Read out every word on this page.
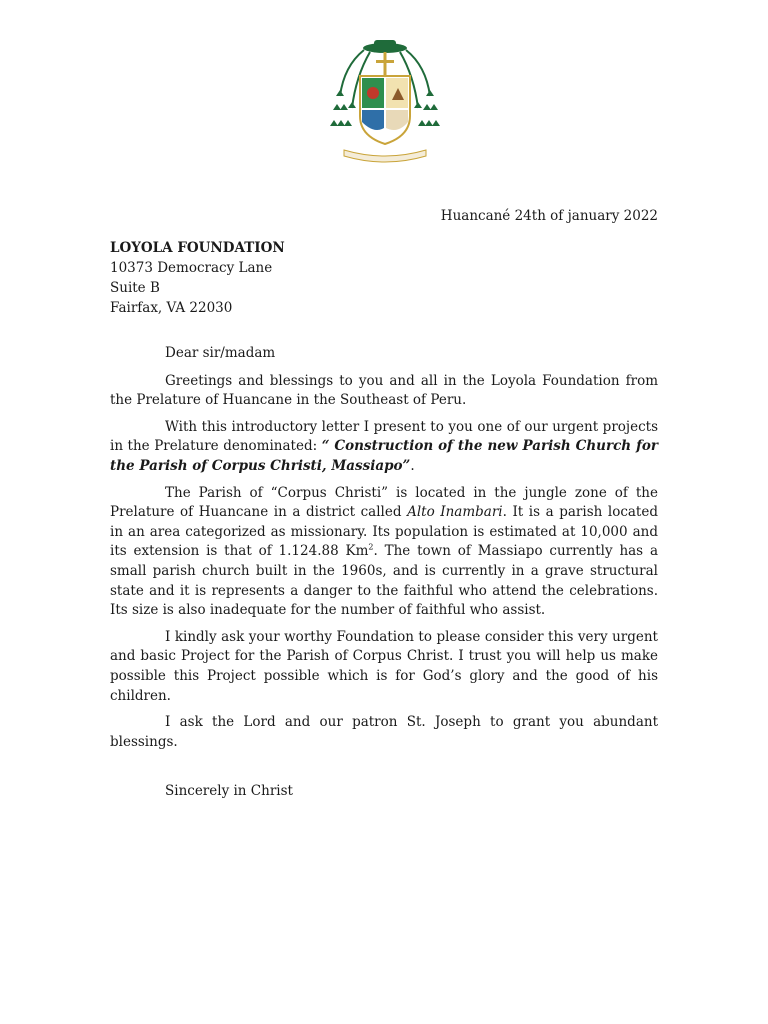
Huancané 24th of january 2022
LOYOLA FOUNDATION
10373 Democracy Lane
Suite B
Fairfax, VA 22030

Dear sir/madam

Greetings and blessings to you and all in the Loyola Foundation from the Prelature of Huancane in the Southeast of Peru.

With this introductory letter I present to you one of our urgent projects in the Prelature denominated: “ Construction of the new Parish Church for the Parish of Corpus Christi, Massiapo”.

The Parish of “Corpus Christi” is located in the jungle zone of the Prelature of Huancane in a district called Alto Inambari. It is a parish located in an area categorized as missionary. Its population is estimated at 10,000 and its extension is that of 1.124.88 Km$^2$. The town of Massiapo currently has a small parish church built in the 1960s, and is currently in a grave structural state and it is represents a danger to the faithful who attend the celebrations. Its size is also inadequate for the number of faithful who assist.

I kindly ask your worthy Foundation to please consider this very urgent and basic Project for the Parish of Corpus Christ. I trust you will help us make possible this Project possible which is for God’s glory and the good of his children.

I ask the Lord and our patron St. Joseph to grant you abundant blessings.

Sincerely in Christ
